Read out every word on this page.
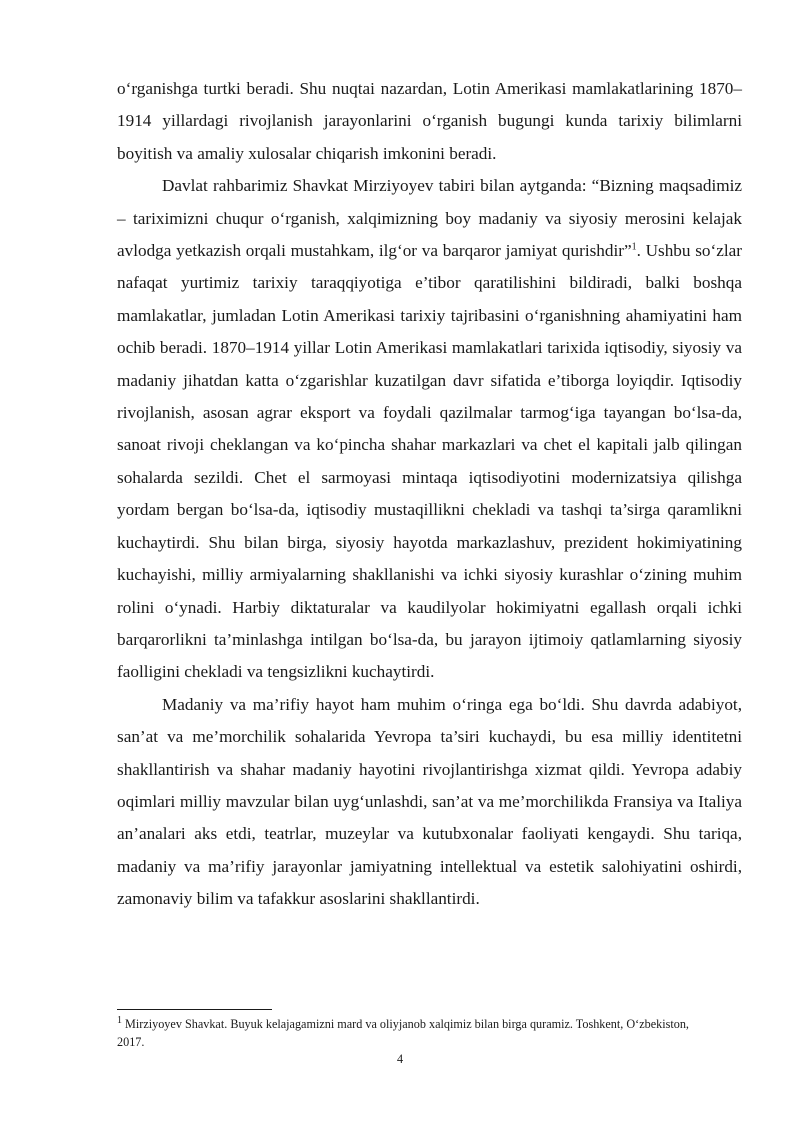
oʻrganishga turtki beradi. Shu nuqtai nazardan, Lotin Amerikasi mamlakatlarining 1870–1914 yillardagi rivojlanish jarayonlarini oʻrganish bugungi kunda tarixiy bilimlarni boyitish va amaliy xulosalar chiqarish imkonini beradi.

Davlat rahbarimiz Shavkat Mirziyoyev tabiri bilan aytganda: “Bizning maqsadimiz – tariximizni chuqur oʻrganish, xalqimizning boy madaniy va siyosiy merosini kelajak avlodga yetkazish orqali mustahkam, ilgʻor va barqaror jamiyat qurishdir”$^1$. Ushbu soʻzlar nafaqat yurtimiz tarixiy taraqqiyotiga e’tibor qaratilishini bildiradi, balki boshqa mamlakatlar, jumladan Lotin Amerikasi tarixiy tajribasini oʻrganishning ahamiyatini ham ochib beradi. 1870–1914 yillar Lotin Amerikasi mamlakatlari tarixida iqtisodiy, siyosiy va madaniy jihatdan katta oʻzgarishlar kuzatilgan davr sifatida e’tiborga loyiqdir. Iqtisodiy rivojlanish, asosan agrar eksport va foydali qazilmalar tarmogʻiga tayangan boʻlsa-da, sanoat rivoji cheklangan va koʻpincha shahar markazlari va chet el kapitali jalb qilingan sohalarda sezildi. Chet el sarmoyasi mintaqa iqtisodiyotini modernizatsiya qilishga yordam bergan boʻlsa-da, iqtisodiy mustaqillikni chekladi va tashqi ta’sirga qaramlikni kuchaytirdi. Shu bilan birga, siyosiy hayotda markazlashuv, prezident hokimiyatining kuchayishi, milliy armiyalarning shakllanishi va ichki siyosiy kurashlar oʻzining muhim rolini oʻynadi. Harbiy diktaturalar va kaudilyolar hokimiyatni egallash orqali ichki barqarorlikni ta’minlashga intilgan boʻlsa-da, bu jarayon ijtimoiy qatlamlarning siyosiy faolligini chekladi va tengsizlikni kuchaytirdi.

Madaniy va ma’rifiy hayot ham muhim oʻringa ega boʻldi. Shu davrda adabiyot, san’at va me’morchilik sohalarida Yevropa ta’siri kuchaydi, bu esa milliy identitetni shakllantirish va shahar madaniy hayotini rivojlantirishga xizmat qildi. Yevropa adabiy oqimlari milliy mavzular bilan uygʻunlashdi, san’at va me’morchilikda Fransiya va Italiya an’analari aks etdi, teatrlar, muzeylar va kutubxonalar faoliyati kengaydi. Shu tariqa, madaniy va ma’rifiy jarayonlar jamiyatning intellektual va estetik salohiyatini oshirdi, zamonaviy bilim va tafakkur asoslarini shakllantirdi.

$^1$ Mirziyoyev Shavkat. Buyuk kelajagamizni mard va oliyjanob xalqimiz bilan birga quramiz. Toshkent, Oʻzbekiston, 2017.

4
